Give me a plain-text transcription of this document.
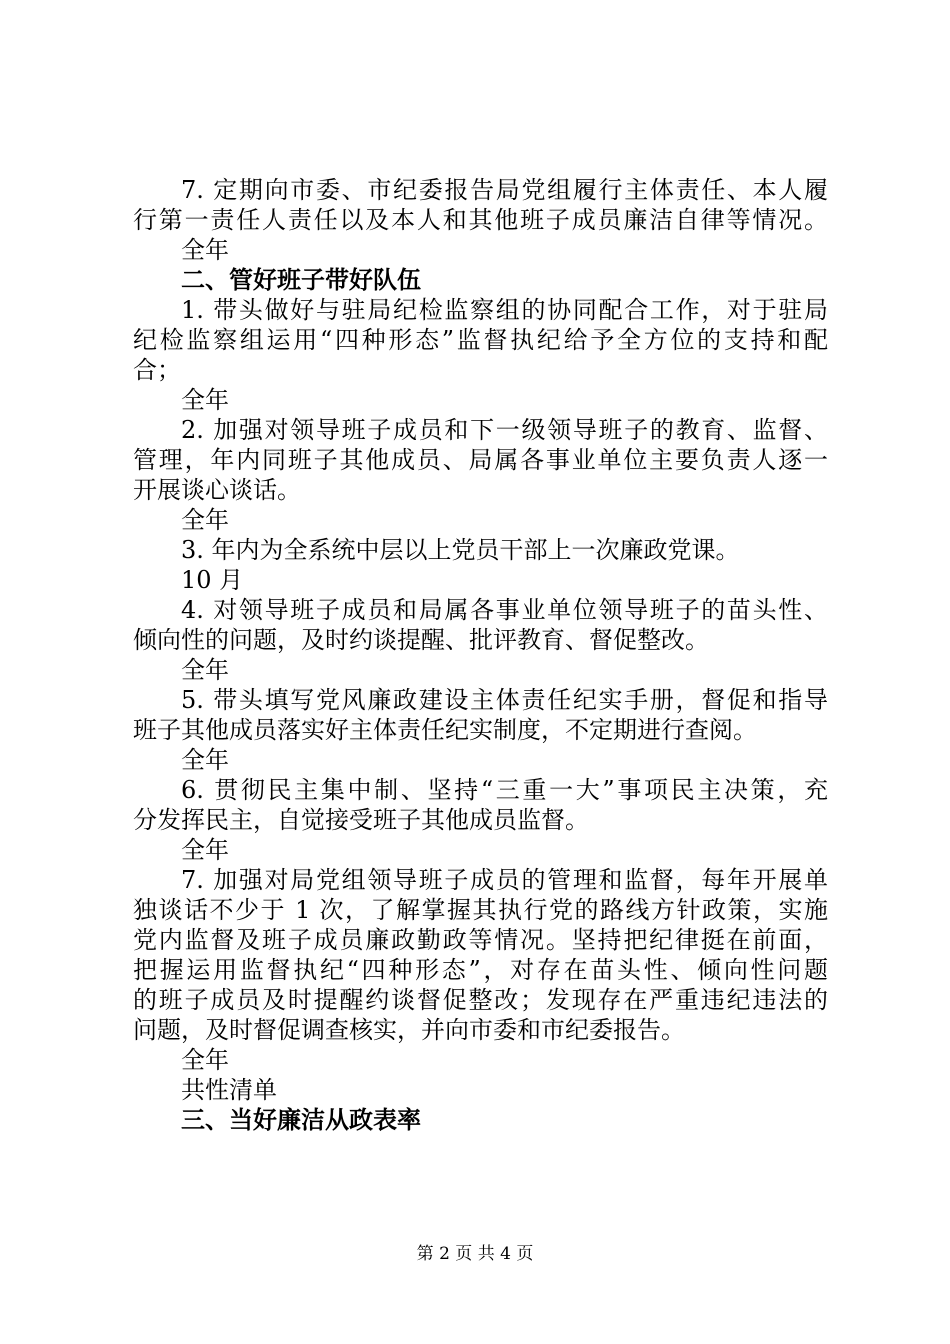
7. 定期向市委、市纪委报告局党组履行主体责任、本人履
行第一责任人责任以及本人和其他班子成员廉洁自律等情况。
全年
二、管好班子带好队伍
1. 带头做好与驻局纪检监察组的协同配合工作，对于驻局
纪检监察组运用“四种形态”监督执纪给予全方位的支持和配
合；
全年
2. 加强对领导班子成员和下一级领导班子的教育、监督、
管理，年内同班子其他成员、局属各事业单位主要负责人逐一
开展谈心谈话。
全年
3. 年内为全系统中层以上党员干部上一次廉政党课。
10 月
4. 对领导班子成员和局属各事业单位领导班子的苗头性、
倾向性的问题，及时约谈提醒、批评教育、督促整改。
全年
5. 带头填写党风廉政建设主体责任纪实手册，督促和指导
班子其他成员落实好主体责任纪实制度，不定期进行查阅。
全年
6. 贯彻民主集中制、坚持“三重一大”事项民主决策，充
分发挥民主，自觉接受班子其他成员监督。
全年
7. 加强对局党组领导班子成员的管理和监督，每年开展单
独谈话不少于 1 次，了解掌握其执行党的路线方针政策，实施
党内监督及班子成员廉政勤政等情况。坚持把纪律挺在前面，
把握运用监督执纪“四种形态”，对存在苗头性、倾向性问题
的班子成员及时提醒约谈督促整改；发现存在严重违纪违法的
问题，及时督促调查核实，并向市委和市纪委报告。
全年
共性清单
三、当好廉洁从政表率
第 2 页 共 4 页
